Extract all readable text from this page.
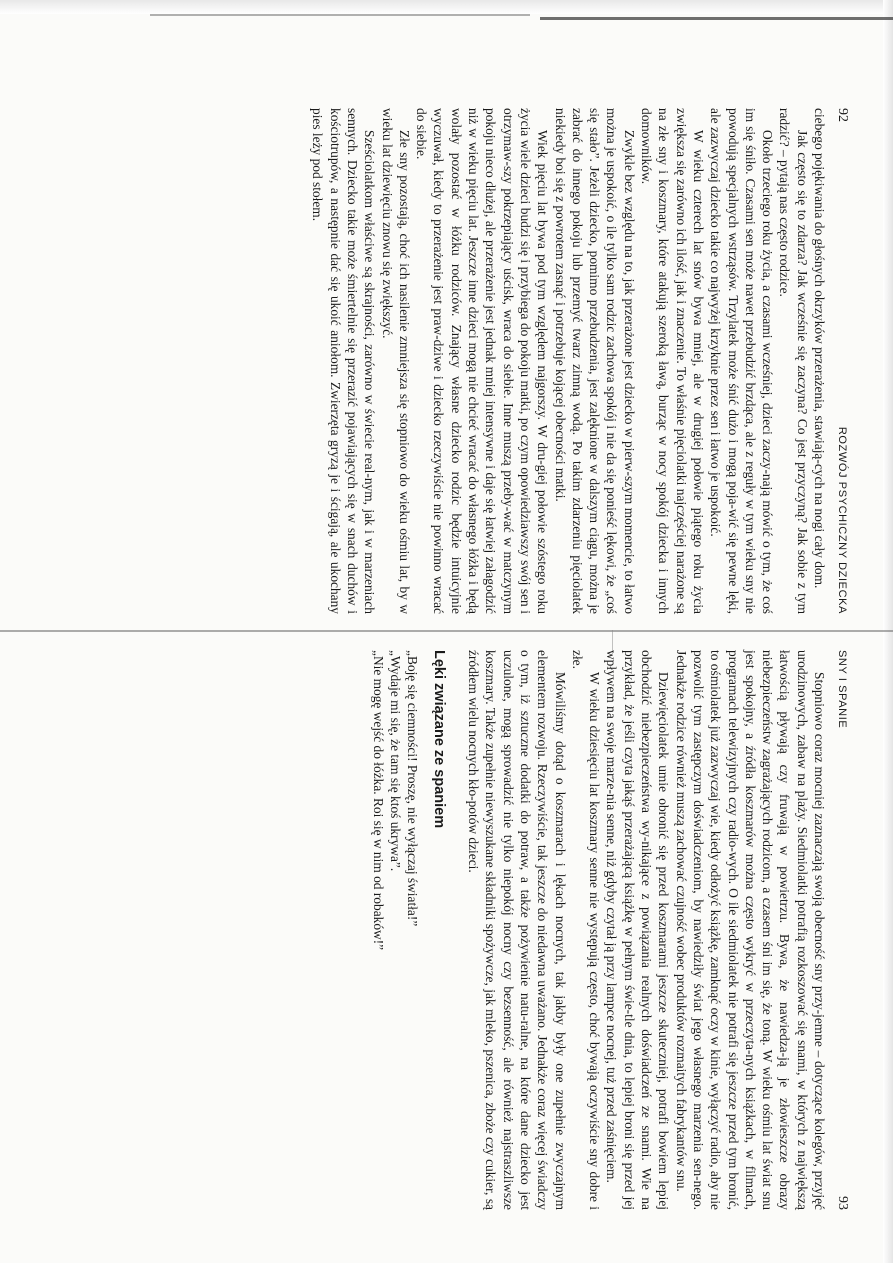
92
ROZWÓJ PSYCHICZNY DZIECKA

ciebego pojękiwania do głośnych okrzyków przerażenia, stawiają-cych na nogi cały dom.

Jak często się to zdarza? Jak wcześnie się zaczyna? Co jest przyczyną? Jak sobie z tym radzić? – pytają nas często rodzice.

Około trzeciego roku życia, a czasami wcześniej, dzieci zaczy-nają mówić o tym, że coś im się śniło. Czasami sen może nawet przebudzić brzdąca, ale z reguły w tym wieku sny nie powodują specjalnych wstrząsów. Trzylatek może śnić dużo i mogą poja-wić się pewne lęki, ale zazwyczaj dziecko takie co najwyżej krzyknie przez sen i łatwo je uspokoić.

W wieku czterech lat snów bywa mniej, ale w drugiej połowie piątego roku życia zwiększa się zarówno ich ilość, jak i znaczenie. To właśnie pięciolatki najczęściej narażone są na złe sny i koszmary, które atakują szeroką ławą, burząc w nocy spokój dziecka i innych domowników.

Zwykle bez względu na to, jak przerażone jest dziecko w pierw-szym momencie, to łatwo można je uspokoić, o ile tylko sam rodzic zachowa spokój i nie da się ponieść lękowi, że „coś się stało”. Jeżeli dziecko, pomimo przebudzenia, jest zalęknione w dalszym ciągu, można je zabrać do innego pokoju lub przemyć twarz zimną wodą. Po takim zdarzeniu pięciolatek niekiedy boi się z powrotem zasnąć i potrzebuje kojącej obecności matki.

Wiek pięciu lat bywa pod tym względem najgorszy. W dru-giej połowie szóstego roku życia wiele dzieci budzi się i przybiega do pokoju matki, po czym opowiedziawszy swój sen i otrzymaw-szy pokrzepiający uścisk, wraca do siebie. Inne muszą przeby-wać w matczynym pokoju nieco dłużej, ale przerażenie jest jednak mniej intensywne i daje się łatwiej załagodzić niż w wieku pięciu lat. Jeszcze inne dzieci mogą nie chcieć wracać do własnego łóżka i będą wolały pozostać w łóżku rodziców. Znający własne dziecko rodzic będzie intuicyjnie wyczuwał, kiedy to przerażenie jest praw-dziwe i dziecko rzeczywiście nie powinno wracać do siebie.

Złe sny pozostają, choć ich nasilenie zmniejsza się stopniowo do wieku ośmiu lat, by w wieku lat dziewięciu znowu się zwiększyć.

Sześciolatkom właściwe są skrajności, zarówno w świecie real-nym, jak i w marzeniach sennych. Dziecko takie może śmiertelnie się przerazić pojawiających się w snach duchów i kościotrupów, a następnie dać się ukoić aniołom. Zwierzęta gryzą je i ścigają, ale ukochany pies leży pod stołem.

SNY I SPANIE
93

Stopniowo coraz mocniej zaznaczają swoją obecność sny przy-jemne – dotyczące kolegów, przyjęć urodzinowych, zabaw na plaży. Siedmiolatki potrafią rozkoszować się snami, w których z największą łatwością pływają czy fruwają w powietrzu. Bywa, że nawiedza-ją je złowieszcze obrazy niebezpieczeństw zagrażających rodzicom, a czasem śni im się, że toną. W wieku ośmiu lat świat snu jest spokojny, a źródła koszmarów można często wykryć w przeczyta-nych książkach, w filmach, programach telewizyjnych czy radio-wych. O ile siedmiolatek nie potrafi się jeszcze przed tym bronić, to ośmiolatek już zazwyczaj wie, kiedy odłożyć książkę, zamknąć oczy w kinie, wyłączyć radio, aby nie pozwolić tym zastępczym doświadczeniom, by nawiedziły świat jego własnego marzenia sen-nego. Jednakże rodzice również muszą zachować czujność wobec produktów rozmaitych fabrykantów snu.

Dziewięciolatek umie obronić się przed koszmarami jeszcze skuteczniej, potrafi bowiem lepiej obchodzić niebezpieczeństwa wy-nikające z powiązania realnych doświadczeń ze snami. Wie na przykład, że jeśli czyta jakąś przerażającą książkę w pełnym świe-tle dnia, to lepiej broni się przed jej wpływem na swoje marze-nia senne, niż gdyby czytał ją przy lampce nocnej, tuż przed zaśnięciem.

W wieku dziesięciu lat koszmary senne nie występują często, choć bywają oczywiście sny dobre i złe.

Mówiliśmy dotąd o koszmarach i lękach nocnych, tak jakby były one zupełnie zwyczajnym elementem rozwoju. Rzeczywiście, tak jeszcze do niedawna uważano. Jednakże coraz więcej świadczy o tym, iż sztuczne dodatki do potraw, a także pożywienie natu-ralne, na które dane dziecko jest uczulone, mogą sprowadzić nie tylko niepokój nocny czy bezsenność, ale również najstraszliwsze koszmary. Także zupełnie niewyszukane składniki spożywcze, jak mleko, pszenica, zboże czy cukier, są źródłem wielu nocnych kło-potów dzieci.

Lęki związane ze spaniem

„Boję się ciemności! Proszę, nie wyłączaj światła!”

„Wydaje mi się, że tam się ktoś ukrywa”.

„Nie mogę wejść do łóżka. Roi się w nim od robaków!”
